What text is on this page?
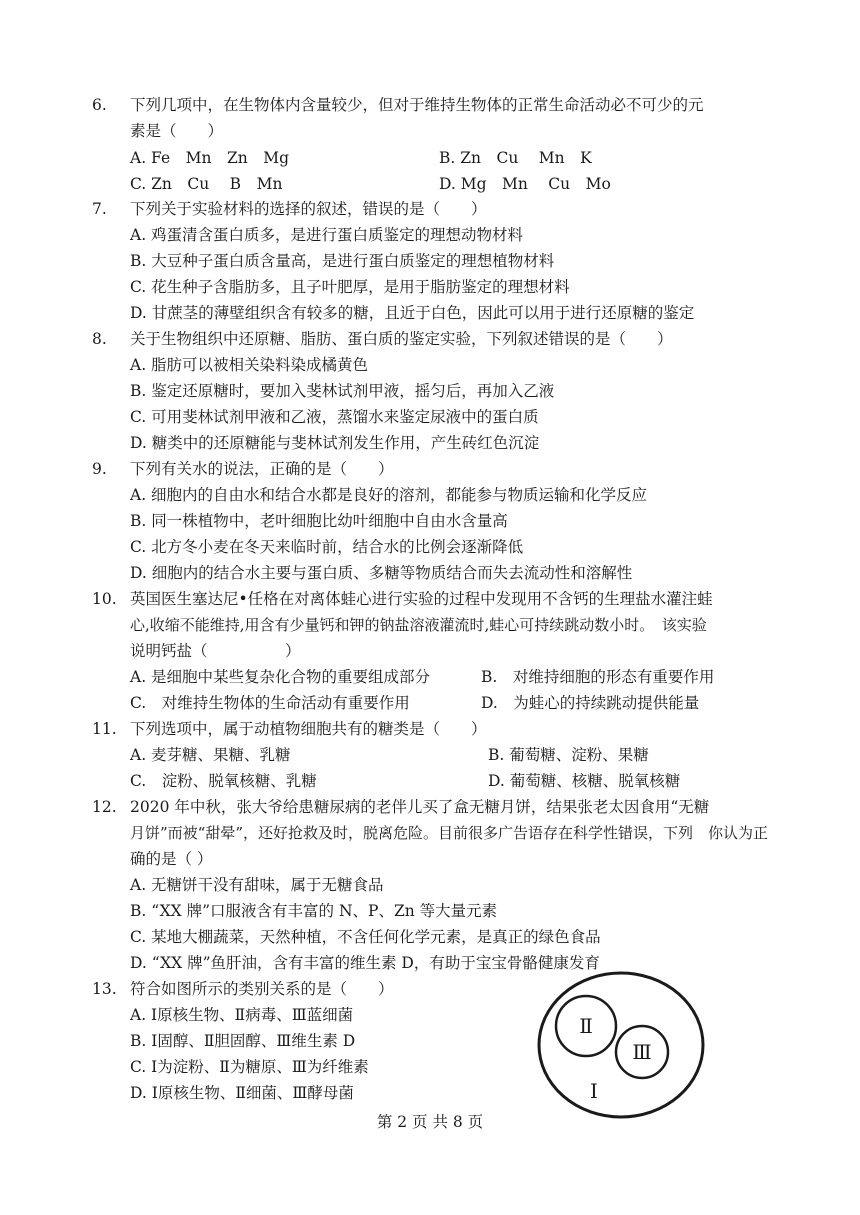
6. 下列几项中，在生物体内含量较少，但对于维持生物体的正常生命活动必不可少的元
素是（　　）
A. Fe　Mn　Zn　Mg	B. Zn　Cu　 Mn　K
C. Zn　Cu　 B　Mn	D. Mg　Mn　 Cu　Mo
7. 下列关于实验材料的选择的叙述，错误的是（　　）
A. 鸡蛋清含蛋白质多，是进行蛋白质鉴定的理想动物材料
B. 大豆种子蛋白质含量高，是进行蛋白质鉴定的理想植物材料
C. 花生种子含脂肪多，且子叶肥厚，是用于脂肪鉴定的理想材料
D. 甘蔗茎的薄壁组织含有较多的糖，且近于白色，因此可以用于进行还原糖的鉴定
8. 关于生物组织中还原糖、脂肪、蛋白质的鉴定实验，下列叙述错误的是（　　）
A. 脂肪可以被相关染料染成橘黄色
B. 鉴定还原糖时，要加入斐林试剂甲液，摇匀后，再加入乙液
C. 可用斐林试剂甲液和乙液，蒸馏水来鉴定尿液中的蛋白质
D. 糖类中的还原糖能与斐林试剂发生作用，产生砖红色沉淀
9. 下列有关水的说法，正确的是（　　）
A. 细胞内的自由水和结合水都是良好的溶剂，都能参与物质运输和化学反应
B. 同一株植物中，老叶细胞比幼叶细胞中自由水含量高
C. 北方冬小麦在冬天来临时前，结合水的比例会逐渐降低
D. 细胞内的结合水主要与蛋白质、多糖等物质结合而失去流动性和溶解性
10. 英国医生塞达尼•任格在对离体蛙心进行实验的过程中发现用不含钙的生理盐水灌注蛙
心,收缩不能维持,用含有少量钙和钾的钠盐溶液灌流时,蛙心可持续跳动数小时。　该实验
说明钙盐（　　　　　）
A. 是细胞中某些复杂化合物的重要组成部分	B.　对维持细胞的形态有重要作用
C.　对维持生物体的生命活动有重要作用	D.　为蛙心的持续跳动提供能量
11. 下列选项中，属于动植物细胞共有的糖类是（　　）
A. 麦芽糖、果糖、乳糖	B. 葡萄糖、淀粉、果糖
C.　淀粉、脱氧核糖、乳糖	D. 葡萄糖、核糖、脱氧核糖
12. 2020 年中秋，张大爷给患糖尿病的老伴儿买了盒无糖月饼，结果张老太因食用“无糖
月饼”而被“甜晕”，还好抢救及时，脱离危险。目前很多广告语存在科学性错误，下列　你认为正
确的是（ ）
A. 无糖饼干没有甜味，属于无糖食品
B. “XX 牌”口服液含有丰富的 N、P、Zn 等大量元素
C. 某地大棚蔬菜，天然种植，不含任何化学元素，是真正的绿色食品
D. “XX 牌”鱼肝油，含有丰富的维生素 D，有助于宝宝骨骼健康发育
13. 符合如图所示的类别关系的是（　　）
A. Ⅰ原核生物、Ⅱ病毒、Ⅲ蓝细菌
B. Ⅰ固醇、Ⅱ胆固醇、Ⅲ维生素 D
C. Ⅰ为淀粉、Ⅱ为糖原、Ⅲ为纤维素
D. Ⅰ原核生物、Ⅱ细菌、Ⅲ酵母菌
Ⅱ
Ⅲ
Ⅰ
第 2 页 共 8 页
